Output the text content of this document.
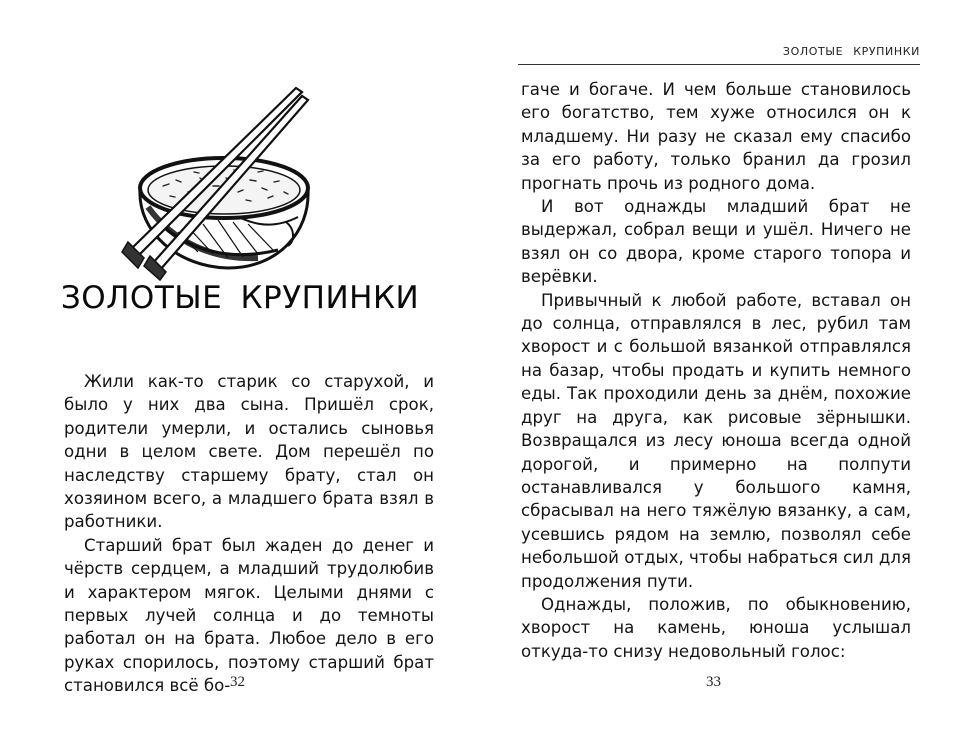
ЗОЛОТЫЕ КРУПИНКИ

Жили как-то старик со старухой, и было у них два сына. Пришёл срок, родители умерли, и остались сыновья одни в целом свете. Дом перешёл по наследству старшему брату, стал он хозяином всего, а младшего брата взял в работники.

Старший брат был жаден до денег и чёрств сердцем, а младший трудолюбив и характером мягок. Целыми днями с первых лучей солнца и до темноты работал он на брата. Любое дело в его руках спорилось, поэтому старший брат становился всё бо- 32
ЗОЛОТЫЕ КРУПИНКИ

гаче и богаче. И чем больше становилось его богатство, тем хуже относился он к младшему. Ни разу не сказал ему спасибо за его работу, только бранил да грозил прогнать прочь из родного дома.

И вот однажды младший брат не выдержал, собрал вещи и ушёл. Ничего не взял он со двора, кроме старого топора и верёвки.

Привычный к любой работе, вставал он до солнца, отправлялся в лес, рубил там хворост и с большой вязанкой отправлялся на базар, чтобы продать и купить немного еды. Так проходили день за днём, похожие друг на друга, как рисовые зёрнышки. Возвращался из лесу юноша всегда одной дорогой, и примерно на полпути останавливался у большого камня, сбрасывал на него тяжёлую вязанку, а сам, усевшись рядом на землю, позволял себе небольшой отдых, чтобы набраться сил для продолжения пути.

Однажды, положив, по обыкновению, хворост на камень, юноша услышал откуда-то снизу недовольный голос:

33
